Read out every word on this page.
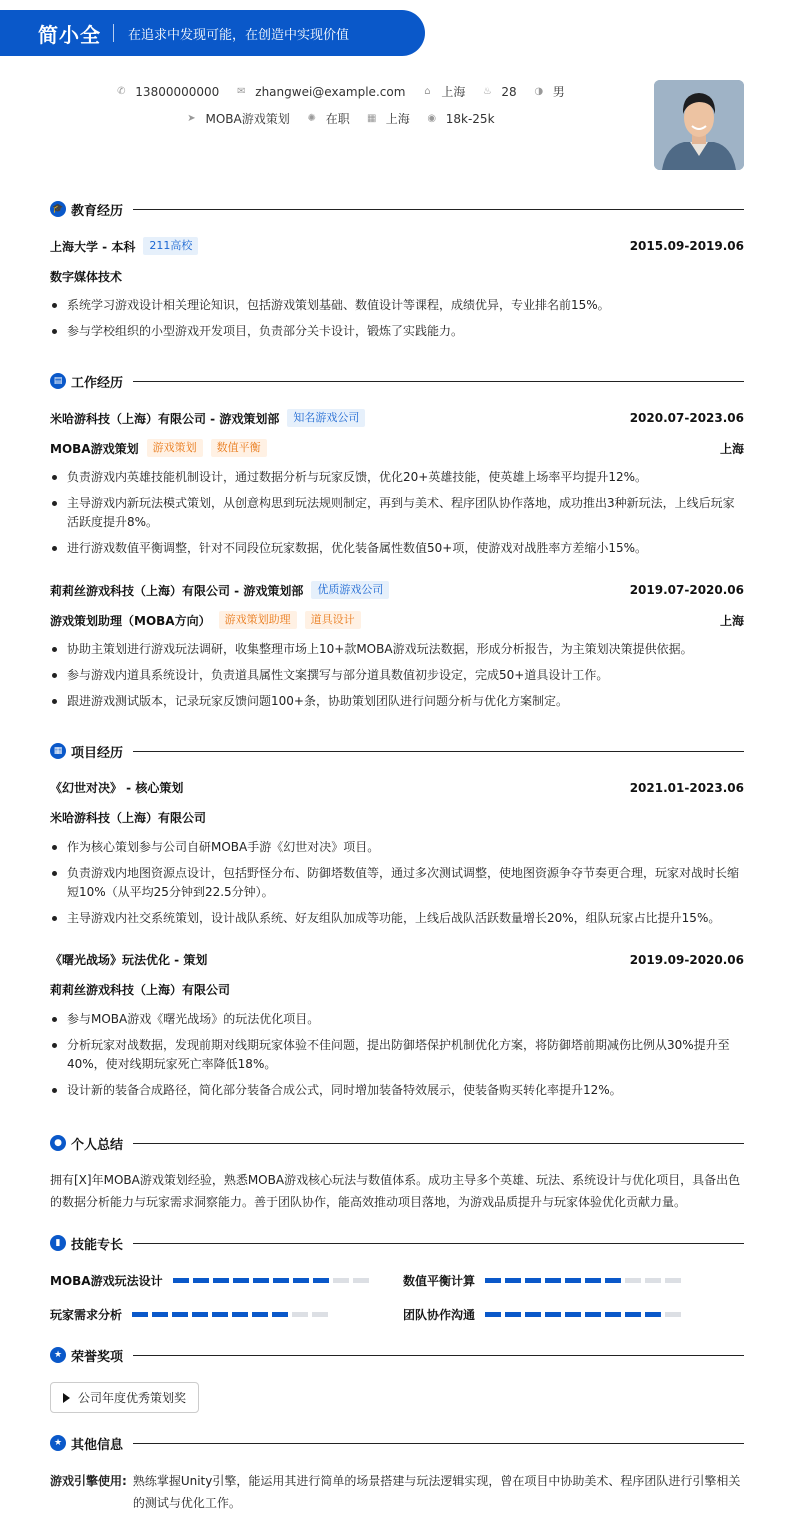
简小全 在追求中发现可能，在创造中实现价值
✆ 13800000000 ✉ zhangwei@example.com ⌂ 上海 ♨ 28 ◑ 男
➤ MOBA游戏策划 ✺ 在职 ▦ 上海 ◉ 18k-25k
🎓 教育经历
上海大学 - 本科	211高校	2015.09-2019.06
数字媒体技术
系统学习游戏设计相关理论知识，包括游戏策划基础、数值设计等课程，成绩优异，专业排名前15%。
参与学校组织的小型游戏开发项目，负责部分关卡设计，锻炼了实践能力。
▤ 工作经历
米哈游科技（上海）有限公司 - 游戏策划部	知名游戏公司	2020.07-2023.06
MOBA游戏策划	游戏策划	数值平衡	上海
负责游戏内英雄技能机制设计，通过数据分析与玩家反馈，优化20+英雄技能，使英雄上场率平均提升12%。
主导游戏内新玩法模式策划，从创意构思到玩法规则制定，再到与美术、程序团队协作落地，成功推出3种新玩法，上线后玩家活跃度提升8%。
进行游戏数值平衡调整，针对不同段位玩家数据，优化装备属性数值50+项，使游戏对战胜率方差缩小15%。
莉莉丝游戏科技（上海）有限公司 - 游戏策划部	优质游戏公司	2019.07-2020.06
游戏策划助理（MOBA方向）	游戏策划助理	道具设计	上海
协助主策划进行游戏玩法调研，收集整理市场上10+款MOBA游戏玩法数据，形成分析报告，为主策划决策提供依据。
参与游戏内道具系统设计，负责道具属性文案撰写与部分道具数值初步设定，完成50+道具设计工作。
跟进游戏测试版本，记录玩家反馈问题100+条，协助策划团队进行问题分析与优化方案制定。
▦ 项目经历
《幻世对决》 - 核心策划	2021.01-2023.06
米哈游科技（上海）有限公司
作为核心策划参与公司自研MOBA手游《幻世对决》项目。
负责游戏内地图资源点设计，包括野怪分布、防御塔数值等，通过多次测试调整，使地图资源争夺节奏更合理，玩家对战时长缩短10%（从平均25分钟到22.5分钟）。
主导游戏内社交系统策划，设计战队系统、好友组队加成等功能，上线后战队活跃数量增长20%，组队玩家占比提升15%。
《曙光战场》玩法优化 - 策划	2019.09-2020.06
莉莉丝游戏科技（上海）有限公司
参与MOBA游戏《曙光战场》的玩法优化项目。
分析玩家对战数据，发现前期对线期玩家体验不佳问题，提出防御塔保护机制优化方案，将防御塔前期减伤比例从30%提升至40%，使对线期玩家死亡率降低18%。
设计新的装备合成路径，简化部分装备合成公式，同时增加装备特效展示，使装备购买转化率提升12%。
● 个人总结
拥有[X]年MOBA游戏策划经验，熟悉MOBA游戏核心玩法与数值体系。成功主导多个英雄、玩法、系统设计与优化项目，具备出色的数据分析能力与玩家需求洞察能力。善于团队协作，能高效推动项目落地，为游戏品质提升与玩家体验优化贡献力量。
▮ 技能专长
MOBA游戏玩法设计	数值平衡计算
玩家需求分析	团队协作沟通
★ 荣誉奖项
公司年度优秀策划奖
★ 其他信息
游戏引擎使用: 熟练掌握Unity引擎，能运用其进行简单的场景搭建与玩法逻辑实现，曾在项目中协助美术、程序团队进行引擎相关的测试与优化工作。
